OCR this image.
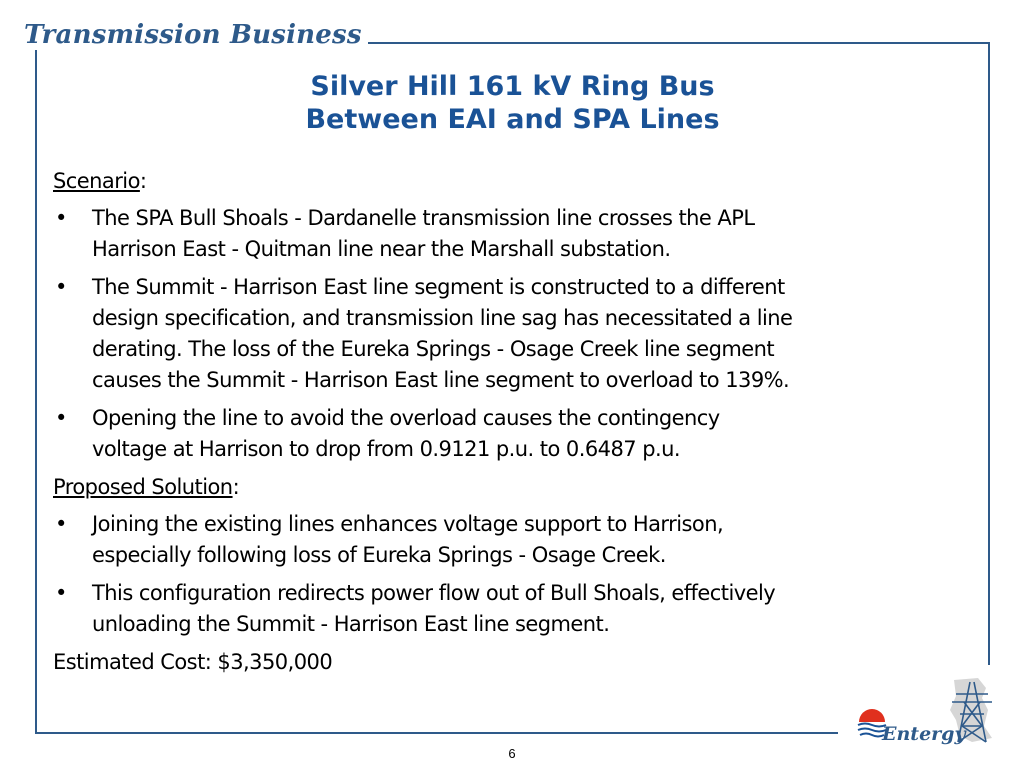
Transmission Business
Silver Hill 161 kV Ring Bus
Between EAI and SPA Lines
Scenario:
• The SPA Bull Shoals - Dardanelle transmission line crosses the APL
Harrison East - Quitman line near the Marshall substation.
• The Summit - Harrison East line segment is constructed to a different
design specification, and transmission line sag has necessitated a line
derating. The loss of the Eureka Springs - Osage Creek line segment
causes the Summit - Harrison East line segment to overload to 139%.
• Opening the line to avoid the overload causes the contingency
voltage at Harrison to drop from 0.9121 p.u. to 0.6487 p.u.
Proposed Solution:
• Joining the existing lines enhances voltage support to Harrison,
especially following loss of Eureka Springs - Osage Creek.
• This configuration redirects power flow out of Bull Shoals, effectively
unloading the Summit - Harrison East line segment.
Estimated Cost: $3,350,000
6
Entergy
